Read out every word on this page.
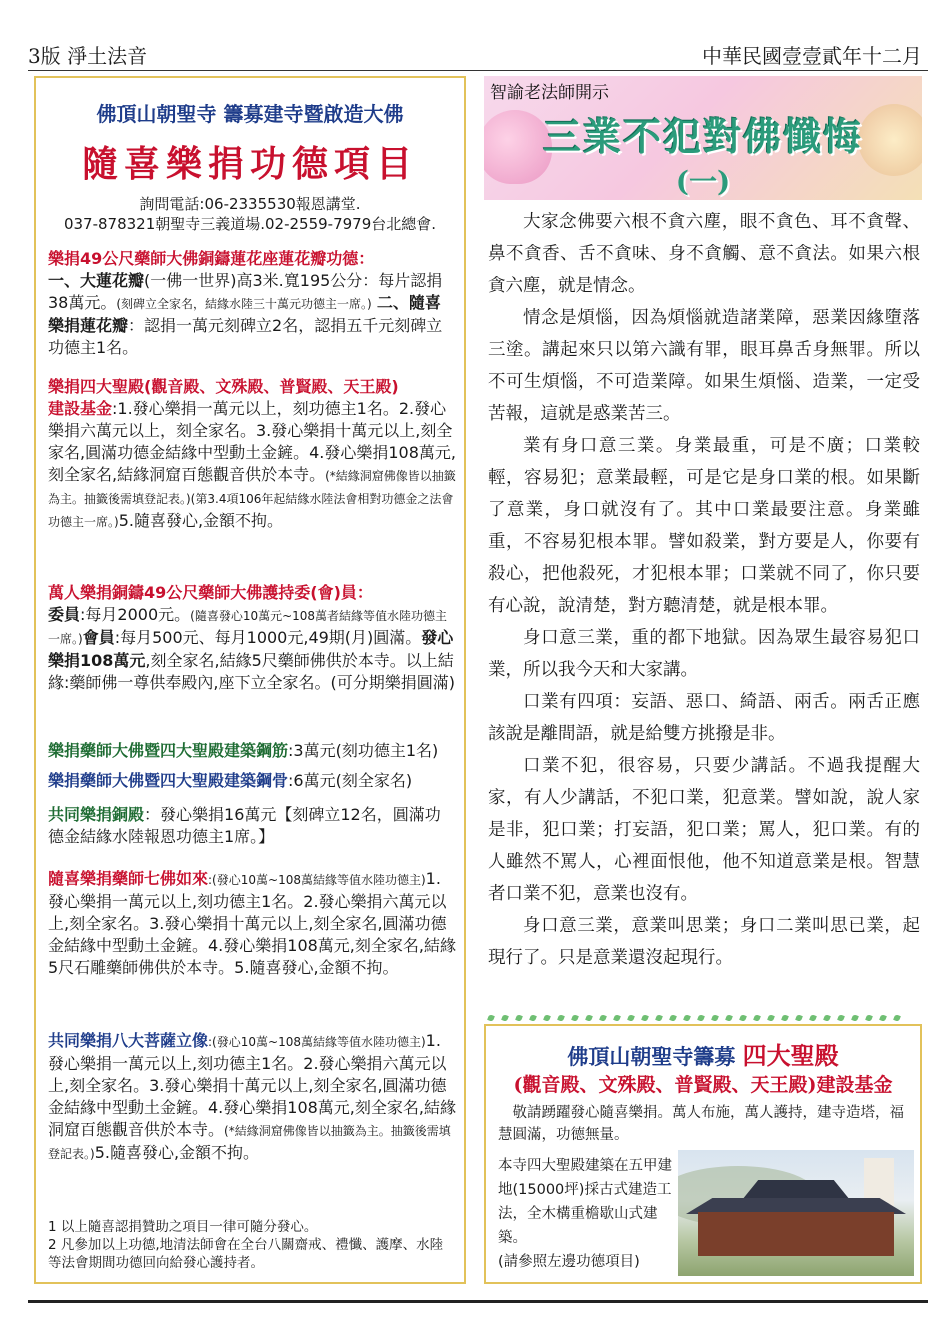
3版 淨土法音	中華民國壹壹貳年十二月
佛頂山朝聖寺 籌募建寺暨啟造大佛
隨喜樂捐功德項目
詢問電話:06-2335530報恩講堂.
037-878321朝聖寺三義道場.02-2559-7979台北總會.
樂捐49公尺藥師大佛銅鑄蓮花座蓮花瓣功德：
一、大蓮花瓣(一佛一世界)高3米.寬195公分：每片認捐38萬元。(刻碑立全家名，結緣水陸三十萬元功德主一席。) 二、隨喜樂捐蓮花瓣：認捐一萬元刻碑立2名，認捐五千元刻碑立功德主1名。
樂捐四大聖殿(觀音殿、文殊殿、普賢殿、天王殿)
建設基金:1.發心樂捐一萬元以上，刻功德主1名。2.發心樂捐六萬元以上，刻全家名。3.發心樂捐十萬元以上,刻全家名,圓滿功德金結緣中型動土金鏟。4.發心樂捐108萬元,刻全家名,結緣洞窟百態觀音供於本寺。(*結緣洞窟佛像皆以抽籤為主。抽籤後需填登記表。)(第3.4項106年起結緣水陸法會相對功德金之法會功德主一席。)5.隨喜發心,金額不拘。
萬人樂捐銅鑄49公尺藥師大佛護持委(會)員：
委員:每月2000元。(隨喜發心10萬元~108萬者結緣等值水陸功德主一席。)會員:每月500元、每月1000元,49期(月)圓滿。發心樂捐108萬元,刻全家名,結緣5尺藥師佛供於本寺。以上結緣:藥師佛一尊供奉殿內,座下立全家名。(可分期樂捐圓滿)
樂捐藥師大佛暨四大聖殿建築鋼筋:3萬元(刻功德主1名)
樂捐藥師大佛暨四大聖殿建築鋼骨:6萬元(刻全家名)
共同樂捐銅殿：發心樂捐16萬元【刻碑立12名，圓滿功德金結緣水陸報恩功德主1席。】
隨喜樂捐藥師七佛如來:(發心10萬~108萬結緣等值水陸功德主)1.發心樂捐一萬元以上,刻功德主1名。2.發心樂捐六萬元以上,刻全家名。3.發心樂捐十萬元以上,刻全家名,圓滿功德金結緣中型動土金鏟。4.發心樂捐108萬元,刻全家名,結緣5尺石雕藥師佛供於本寺。5.隨喜發心,金額不拘。
共同樂捐八大菩薩立像:(發心10萬~108萬結緣等值水陸功德主)1.發心樂捐一萬元以上,刻功德主1名。2.發心樂捐六萬元以上,刻全家名。3.發心樂捐十萬元以上,刻全家名,圓滿功德金結緣中型動土金鏟。4.發心樂捐108萬元,刻全家名,結緣洞窟百態觀音供於本寺。(*結緣洞窟佛像皆以抽籤為主。抽籤後需填登記表。)5.隨喜發心,金額不拘。
1 以上隨喜認捐贊助之項目一律可隨分發心。
2 凡參加以上功德,地清法師會在全台八關齋戒、禮懺、護摩、水陸等法會期間功德回向給發心護持者。
智諭老法師開示
三業不犯對佛懺悔
(一)

大家念佛要六根不貪六塵，眼不貪色、耳不貪聲、鼻不貪香、舌不貪味、身不貪觸、意不貪法。如果六根貪六塵，就是情念。

情念是煩惱，因為煩惱就造諸業障，惡業因緣墮落三塗。講起來只以第六識有罪，眼耳鼻舌身無罪。所以不可生煩惱，不可造業障。如果生煩惱、造業，一定受苦報，這就是惑業苦三。

業有身口意三業。身業最重，可是不廣；口業較輕，容易犯；意業最輕，可是它是身口業的根。如果斷了意業，身口就沒有了。其中口業最要注意。身業雖重，不容易犯根本罪。譬如殺業，對方要是人，你要有殺心，把他殺死，才犯根本罪；口業就不同了，你只要有心說，說清楚，對方聽清楚，就是根本罪。

身口意三業，重的都下地獄。因為眾生最容易犯口業，所以我今天和大家講。

口業有四項：妄語、惡口、綺語、兩舌。兩舌正應該說是離間語，就是給雙方挑撥是非。

口業不犯，很容易，只要少講話。不過我提醒大家，有人少講話，不犯口業，犯意業。譬如說，說人家是非，犯口業；打妄語，犯口業；罵人，犯口業。有的人雖然不罵人，心裡面恨他，他不知道意業是根。智慧者口業不犯，意業也沒有。

身口意三業，意業叫思業；身口二業叫思已業，起現行了。只是意業還沒起現行。

佛頂山朝聖寺籌募 四大聖殿
(觀音殿、文殊殿、普賢殿、天王殿)建設基金
敬請踴躍發心隨喜樂捐。萬人布施，萬人護持，建寺造塔，福慧圓滿，功德無量。
本寺四大聖殿建築在五甲建地(15000坪)採古式建造工法，全木構重檐歇山式建築。
(請參照左邊功德項目)
